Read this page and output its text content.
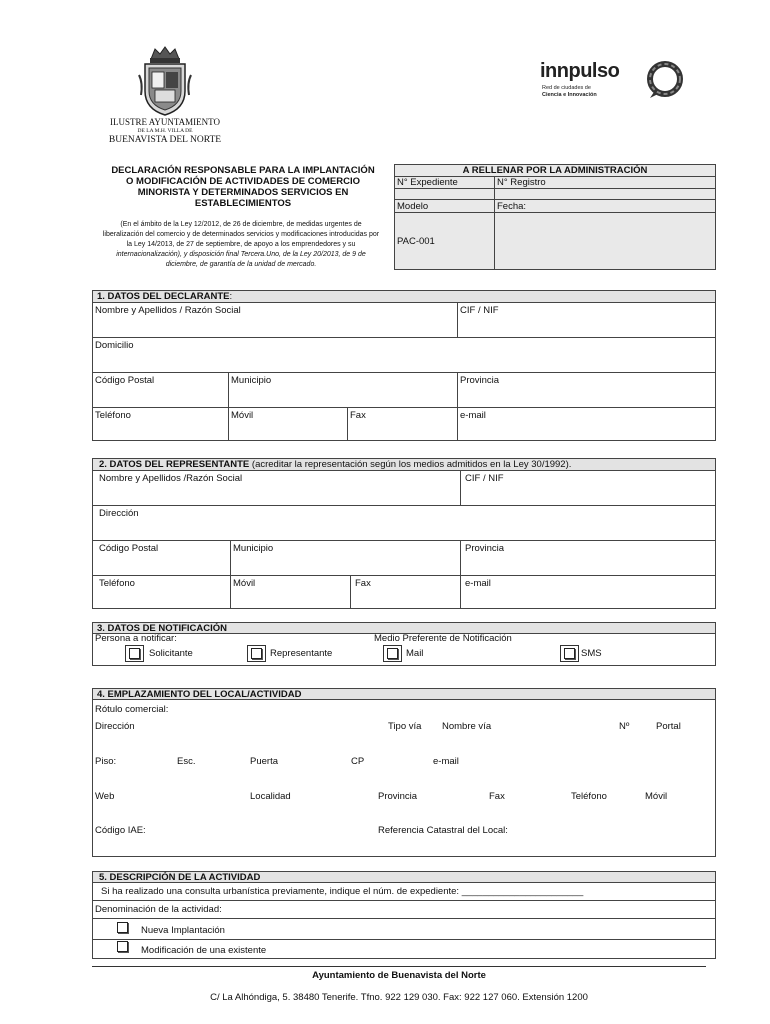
ILUSTRE AYUNTAMIENTO
DE LA M.H. VILLA DE
BUENAVISTA DEL NORTE
innpulso
Red de ciudades de
Ciencia e Innovación
DECLARACIÓN RESPONSABLE PARA LA IMPLANTACIÓN
O MODIFICACIÓN DE ACTIVIDADES DE COMERCIO
MINORISTA Y DETERMINADOS SERVICIOS EN
ESTABLECIMIENTOS
(En el ámbito de la Ley 12/2012, de 26 de diciembre, de medidas urgentes de
liberalización del comercio y de determinados servicios y modificaciones introducidas por
la Ley 14/2013, de 27 de septiembre, de apoyo a los emprendedores y su
internacionalización), y disposición final Tercera.Uno, de la Ley 20/2013, de 9 de
diciembre, de garantía de la unidad de mercado.
A RELLENAR POR LA ADMINISTRACIÓN
N° Expediente	N° Registro
Modelo	Fecha:
PAC-001
1. DATOS DEL DECLARANTE:
Nombre y Apellidos / Razón Social	CIF / NIF
Domicilio
Código Postal	Municipio	Provincia
Teléfono	Móvil	Fax	e-mail
2. DATOS DEL REPRESENTANTE (acreditar la representación según los medios admitidos en la Ley 30/1992).
Nombre y Apellidos /Razón Social	CIF / NIF
Dirección
Código Postal	Municipio	Provincia
Teléfono	Móvil	Fax	e-mail
3. DATOS DE NOTIFICACIÓN
Persona a notificar:	Medio Preferente de Notificación
Solicitante	Representante	Mail	SMS
4. EMPLAZAMIENTO DEL LOCAL/ACTIVIDAD
Rótulo comercial:
Dirección	Tipo vía Nombre vía	Nº	Portal
Piso:	Esc.	Puerta	CP	e-mail
Web	Localidad	Provincia	Fax	Teléfono	Móvil
Código IAE:	Referencia Catastral del Local:
5. DESCRIPCIÓN DE LA ACTIVIDAD
Si ha realizado una consulta urbanística previamente, indique el núm. de expediente: _______________________
Denominación de la actividad:
Nueva Implantación
Modificación de una existente
Ayuntamiento de Buenavista del Norte
C/ La Alhóndiga, 5. 38480 Tenerife. Tfno. 922 129 030. Fax: 922 127 060. Extensión 1200
